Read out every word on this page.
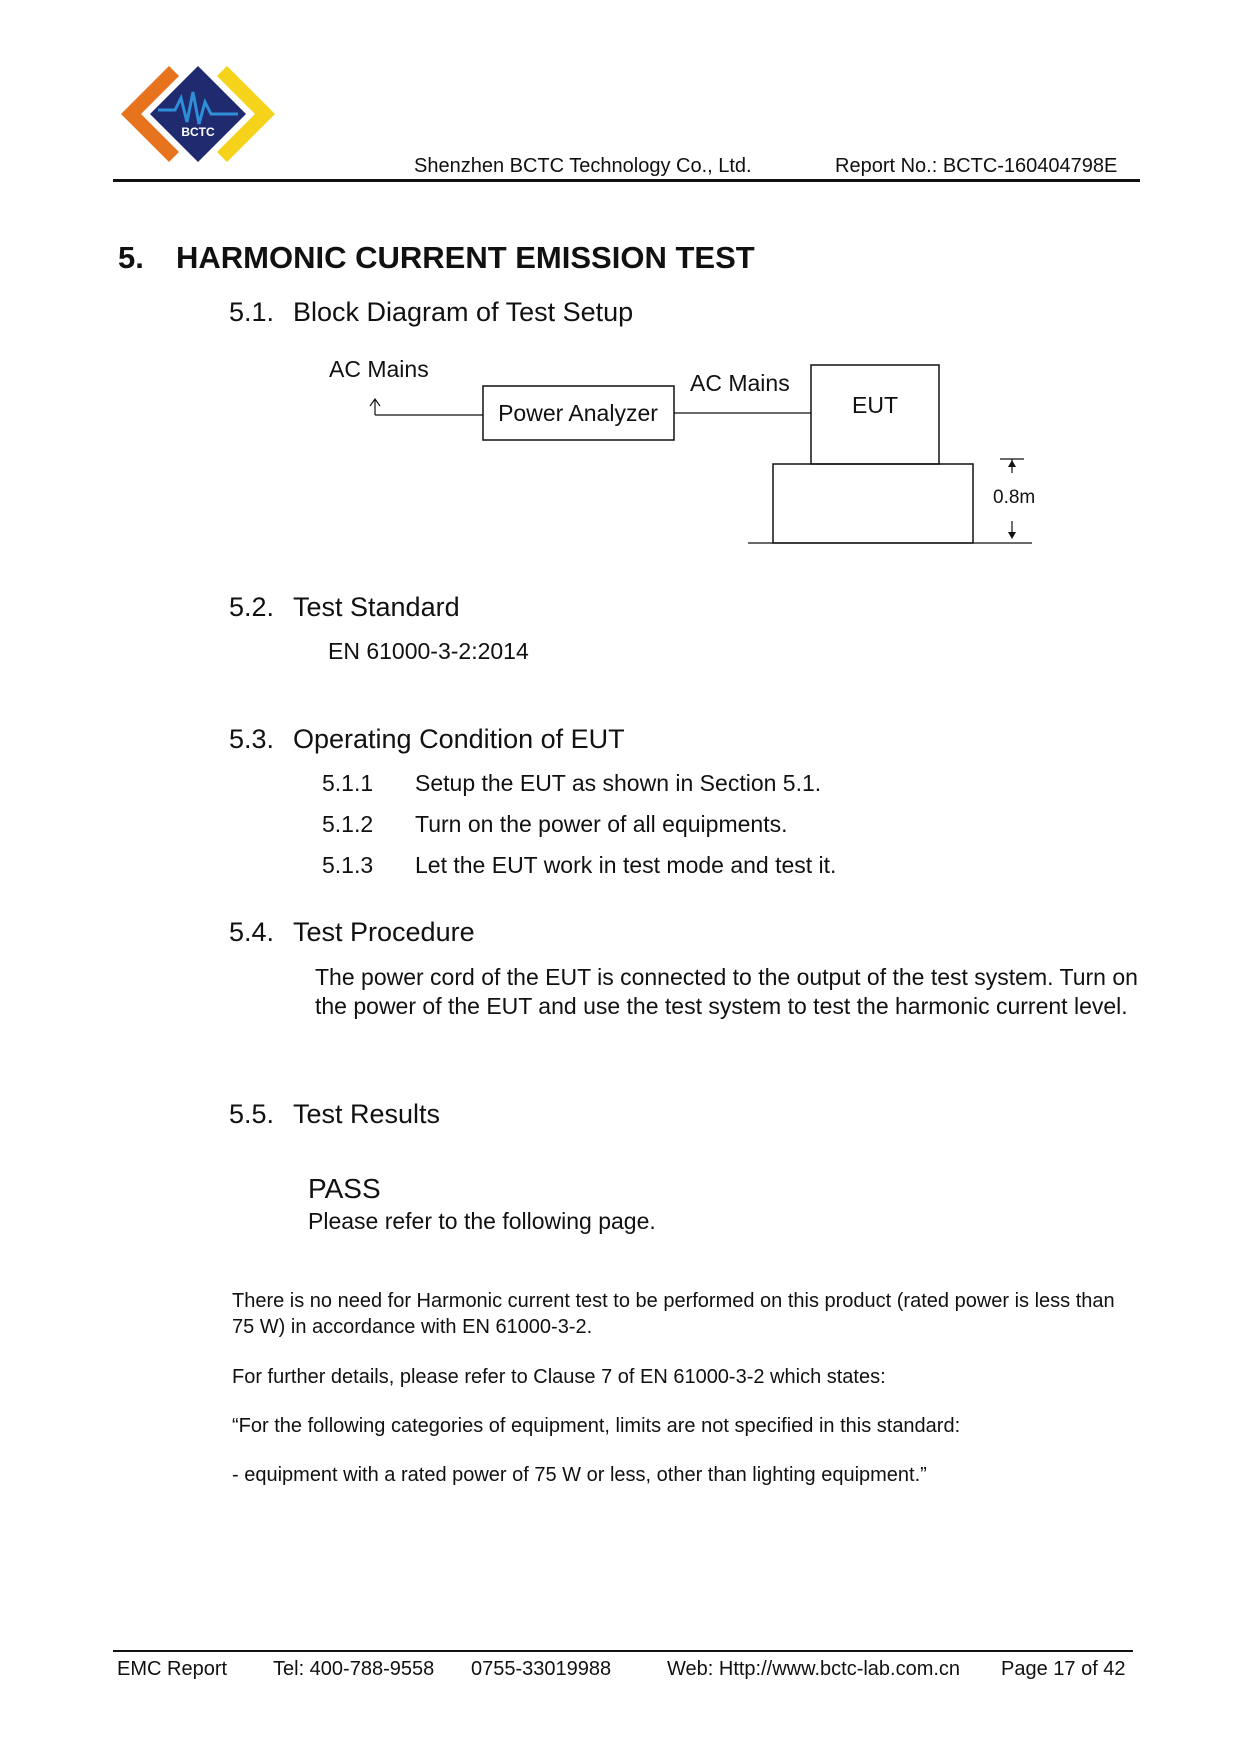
BCTC
Shenzhen BCTC Technology Co., Ltd.	Report No.: BCTC-160404798E
5. HARMONIC CURRENT EMISSION TEST
5.1. Block Diagram of Test Setup
AC Mains
Power Analyzer
AC Mains
EUT
0.8m
5.2. Test Standard
EN 61000-3-2:2014
5.3. Operating Condition of EUT
5.1.1 Setup the EUT as shown in Section 5.1.
5.1.2 Turn on the power of all equipments.
5.1.3 Let the EUT work in test mode and test it.
5.4. Test Procedure
The power cord of the EUT is connected to the output of the test system. Turn on the power of the EUT and use the test system to test the harmonic current level.
5.5. Test Results
PASS
Please refer to the following page.
There is no need for Harmonic current test to be performed on this product (rated power is less than 75 W) in accordance with EN 61000-3-2.
For further details, please refer to Clause 7 of EN 61000-3-2 which states:
“For the following categories of equipment, limits are not specified in this standard:
- equipment with a rated power of 75 W or less, other than lighting equipment.”
EMC Report Tel: 400-788-9558 0755-33019988	Web: Http://www.bctc-lab.com.cn Page 17 of 42
